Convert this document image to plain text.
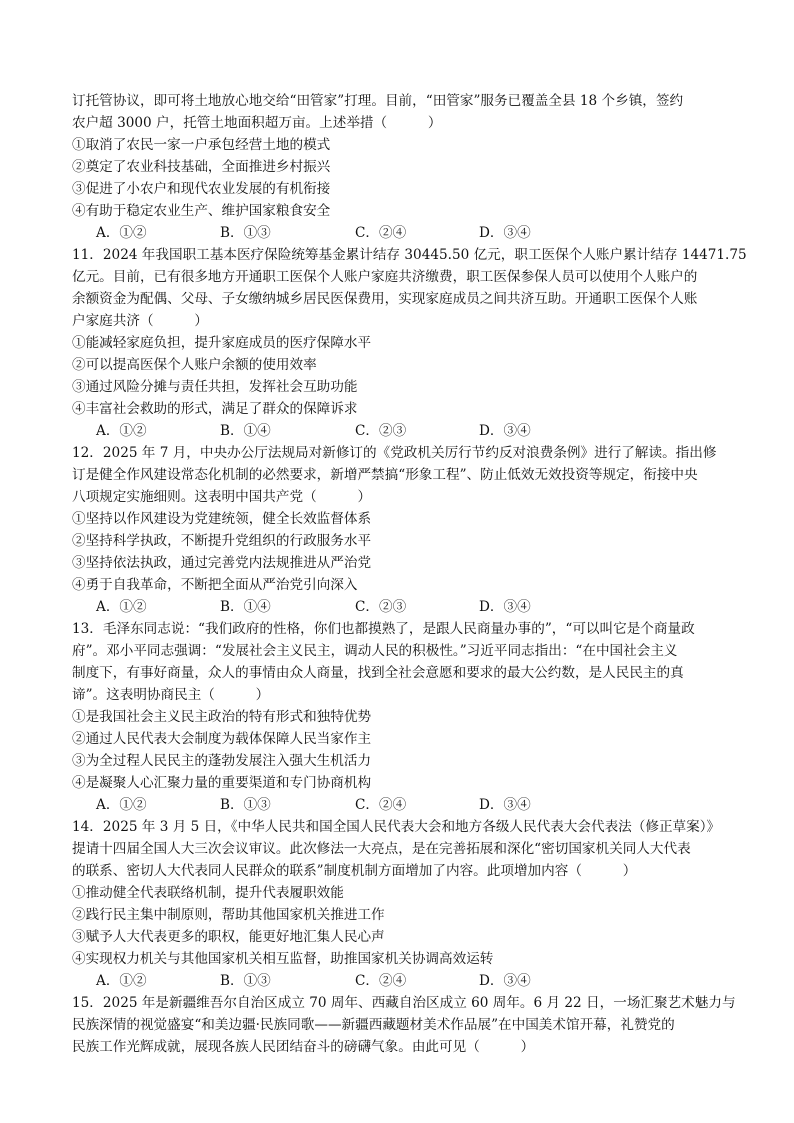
订托管协议，即可将土地放心地交给“田管家”打理。目前，“田管家”服务已覆盖全县 18 个乡镇，签约

农户超 3000 户，托管土地面积超万亩。上述举措（　　　）

①取消了农民一家一户承包经营土地的模式

②奠定了农业科技基础，全面推进乡村振兴

③促进了小农户和现代农业发展的有机衔接

④有助于稳定农业生产、维护国家粮食安全

A．①②	B．①③	C．②④	D．③④

11．2024 年我国职工基本医疗保险统筹基金累计结存 30445.50 亿元，职工医保个人账户累计结存 14471.75

亿元。目前，已有很多地方开通职工医保个人账户家庭共济缴费，职工医保参保人员可以使用个人账户的

余额资金为配偶、父母、子女缴纳城乡居民医保费用，实现家庭成员之间共济互助。开通职工医保个人账

户家庭共济（　　　）

①能减轻家庭负担，提升家庭成员的医疗保障水平

②可以提高医保个人账户余额的使用效率

③通过风险分摊与责任共担，发挥社会互助功能

④丰富社会救助的形式，满足了群众的保障诉求

A．①②	B．①④	C．②③	D．③④

12．2025 年 7 月，中央办公厅法规局对新修订的《党政机关厉行节约反对浪费条例》进行了解读。指出修

订是健全作风建设常态化机制的必然要求，新增严禁搞“形象工程”、防止低效无效投资等规定，衔接中央

八项规定实施细则。这表明中国共产党（　　　）

①坚持以作风建设为党建统领，健全长效监督体系

②坚持科学执政，不断提升党组织的行政服务水平

③坚持依法执政，通过完善党内法规推进从严治党

④勇于自我革命，不断把全面从严治党引向深入

A．①②	B．①④	C．②③	D．③④

13．毛泽东同志说：“我们政府的性格，你们也都摸熟了，是跟人民商量办事的”，“可以叫它是个商量政

府”。邓小平同志强调：“发展社会主义民主，调动人民的积极性。”习近平同志指出：“在中国社会主义

制度下，有事好商量，众人的事情由众人商量，找到全社会意愿和要求的最大公约数，是人民民主的真

谛”。这表明协商民主（　　　）

①是我国社会主义民主政治的特有形式和独特优势

②通过人民代表大会制度为载体保障人民当家作主

③为全过程人民民主的蓬勃发展注入强大生机活力

④是凝聚人心汇聚力量的重要渠道和专门协商机构

A．①②	B．①③	C．②④	D．③④

14．2025 年 3 月 5 日，《中华人民共和国全国人民代表大会和地方各级人民代表大会代表法（修正草案）》

提请十四届全国人大三次会议审议。此次修法一大亮点，是在完善拓展和深化“密切国家机关同人大代表

的联系、密切人大代表同人民群众的联系”制度机制方面增加了内容。此项增加内容（　　　）

①推动健全代表联络机制，提升代表履职效能

②践行民主集中制原则，帮助其他国家机关推进工作

③赋予人大代表更多的职权，能更好地汇集人民心声

④实现权力机关与其他国家机关相互监督，助推国家机关协调高效运转

A．①②	B．①③	C．②④	D．③④

15．2025 年是新疆维吾尔自治区成立 70 周年、西藏自治区成立 60 周年。6 月 22 日，一场汇聚艺术魅力与

民族深情的视觉盛宴“和美边疆·民族同歌——新疆西藏题材美术作品展”在中国美术馆开幕，礼赞党的

民族工作光辉成就，展现各族人民团结奋斗的磅礴气象。由此可见（　　　）
